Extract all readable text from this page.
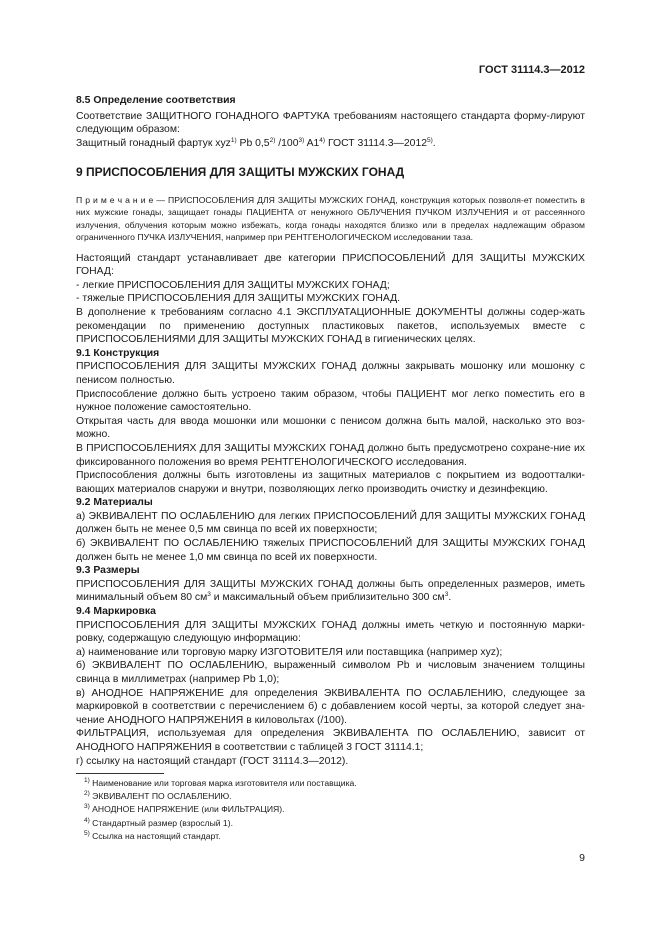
ГОСТ 31114.3—2012

8.5 Определение соответствия

Соответствие ЗАЩИТНОГО ГОНАДНОГО ФАРТУКА требованиям настоящего стандарта форму-лируют следующим образом:

Защитный гонадный фартук xyz$^{1)}$ Pb 0,5$^{2)}$ /100$^{3)}$ A1$^{4)}$ ГОСТ 31114.3—2012$^{5)}$.

9 ПРИСПОСОБЛЕНИЯ ДЛЯ ЗАЩИТЫ МУЖСКИХ ГОНАД

П р и м е ч а н и е — ПРИСПОСОБЛЕНИЯ ДЛЯ ЗАЩИТЫ МУЖСКИХ ГОНАД, конструкция которых позволя-ет поместить в них мужские гонады, защищает гонады ПАЦИЕНТА от ненужного ОБЛУЧЕНИЯ ПУЧКОМ ИЗЛУЧЕНИЯ и от рассеянного излучения, облучения которым можно избежать, когда гонады находятся близко или в пределах надлежащим образом ограниченного ПУЧКА ИЗЛУЧЕНИЯ, например при РЕНТГЕНОЛОГИЧЕСКОМ исследовании таза.

Настоящий стандарт устанавливает две категории ПРИСПОСОБЛЕНИЙ ДЛЯ ЗАЩИТЫ МУЖСКИХ ГОНАД:

- легкие ПРИСПОСОБЛЕНИЯ ДЛЯ ЗАЩИТЫ МУЖСКИХ ГОНАД;

- тяжелые ПРИСПОСОБЛЕНИЯ ДЛЯ ЗАЩИТЫ МУЖСКИХ ГОНАД.

В дополнение к требованиям согласно 4.1 ЭКСПЛУАТАЦИОННЫЕ ДОКУМЕНТЫ должны содер-жать рекомендации по применению доступных пластиковых пакетов, используемых вместе с ПРИСПОСОБЛЕНИЯМИ ДЛЯ ЗАЩИТЫ МУЖСКИХ ГОНАД в гигиенических целях.

9.1 Конструкция

ПРИСПОСОБЛЕНИЯ ДЛЯ ЗАЩИТЫ МУЖСКИХ ГОНАД должны закрывать мошонку или мошонку с пенисом полностью.

Приспособление должно быть устроено таким образом, чтобы ПАЦИЕНТ мог легко поместить его в нужное положение самостоятельно.

Открытая часть для ввода мошонки или мошонки с пенисом должна быть малой, насколько это воз-можно.

В ПРИСПОСОБЛЕНИЯХ ДЛЯ ЗАЩИТЫ МУЖСКИХ ГОНАД должно быть предусмотрено сохране-ние их фиксированного положения во время РЕНТГЕНОЛОГИЧЕСКОГО исследования.

Приспособления должны быть изготовлены из защитных материалов с покрытием из водоотталки-вающих материалов снаружи и внутри, позволяющих легко производить очистку и дезинфекцию.

9.2 Материалы

а) ЭКВИВАЛЕНТ ПО ОСЛАБЛЕНИЮ для легких ПРИСПОСОБЛЕНИЙ ДЛЯ ЗАЩИТЫ МУЖСКИХ ГОНАД должен быть не менее 0,5 мм свинца по всей их поверхности;

б) ЭКВИВАЛЕНТ ПО ОСЛАБЛЕНИЮ тяжелых ПРИСПОСОБЛЕНИЙ ДЛЯ ЗАЩИТЫ МУЖСКИХ ГОНАД должен быть не менее 1,0 мм свинца по всей их поверхности.

9.3 Размеры

ПРИСПОСОБЛЕНИЯ ДЛЯ ЗАЩИТЫ МУЖСКИХ ГОНАД должны быть определенных размеров, иметь минимальный объем 80 $см^3$ и максимальный объем приблизительно 300 $см^3$.

9.4 Маркировка

ПРИСПОСОБЛЕНИЯ ДЛЯ ЗАЩИТЫ МУЖСКИХ ГОНАД должны иметь четкую и постоянную марки-ровку, содержащую следующую информацию:

а) наименование или торговую марку ИЗГОТОВИТЕЛЯ или поставщика (например xyz);

б) ЭКВИВАЛЕНТ ПО ОСЛАБЛЕНИЮ, выраженный символом Pb и числовым значением толщины свинца в миллиметрах (например Pb 1,0);

в) АНОДНОЕ НАПРЯЖЕНИЕ для определения ЭКВИВАЛЕНТА ПО ОСЛАБЛЕНИЮ, следующее за маркировкой в соответствии с перечислением б) с добавлением косой черты, за которой следует зна-чение АНОДНОГО НАПРЯЖЕНИЯ в киловольтах (/100).

ФИЛЬТРАЦИЯ, используемая для определения ЭКВИВАЛЕНТА ПО ОСЛАБЛЕНИЮ, зависит от АНОДНОГО НАПРЯЖЕНИЯ в соответствии с таблицей 3 ГОСТ 31114.1;

г) ссылку на настоящий стандарт (ГОСТ 31114.3—2012).

$^{1)}$ Наименование или торговая марка изготовителя или поставщика.

$^{2)}$ ЭКВИВАЛЕНТ ПО ОСЛАБЛЕНИЮ.

$^{3)}$ АНОДНОЕ НАПРЯЖЕНИЕ (или ФИЛЬТРАЦИЯ).

$^{4)}$ Стандартный размер (взрослый 1).

$^{5)}$ Ссылка на настоящий стандарт.

9
